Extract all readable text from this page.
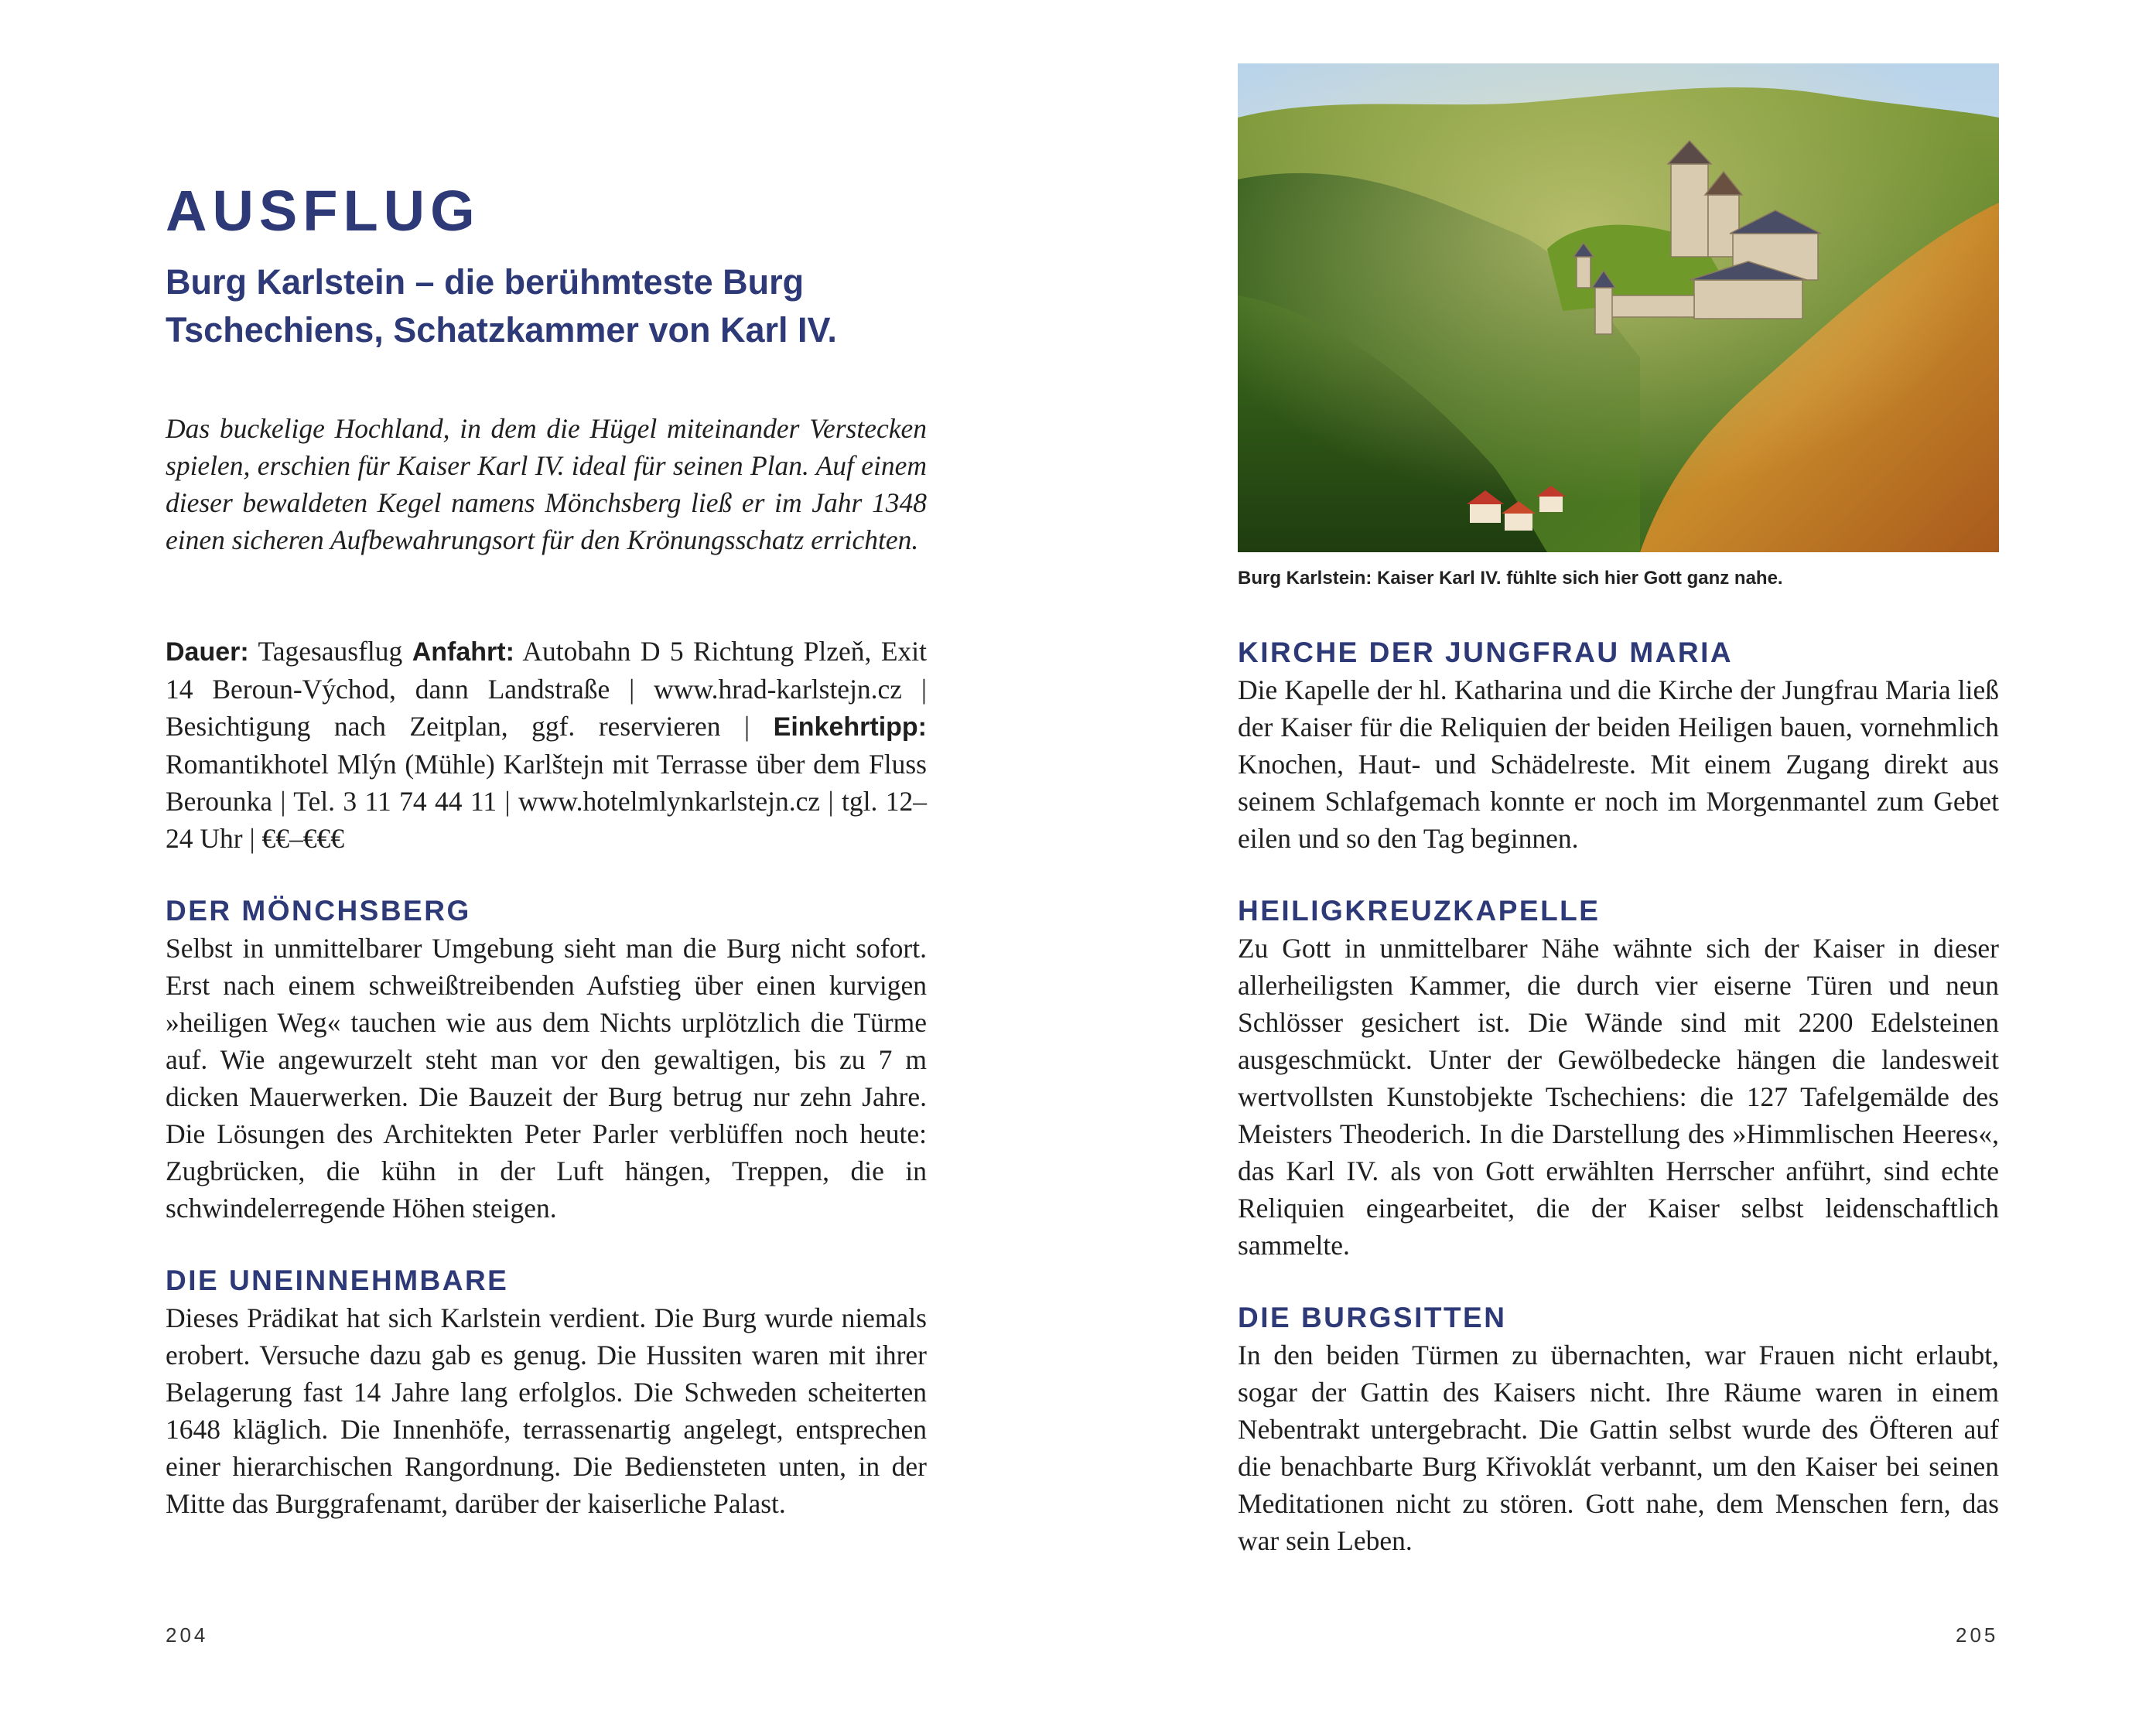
AUSFLUG
Burg Karlstein – die berühmteste Burg Tschechiens, Schatzkammer von Karl IV.

Das buckelige Hochland, in dem die Hügel miteinander Verstecken spielen, erschien für Kaiser Karl IV. ideal für seinen Plan. Auf einem dieser bewaldeten Kegel namens Mönchsberg ließ er im Jahr 1348 einen sicheren Aufbewahrungsort für den Krönungsschatz errichten.

Dauer: Tagesausflug Anfahrt: Autobahn D 5 Richtung Plzeň, Exit 14 Beroun-Východ, dann Landstraße | www.hrad-karlstejn.cz | Besichtigung nach Zeitplan, ggf. reservieren | Einkehrtipp: Romantikhotel Mlýn (Mühle) Karlštejn mit Terrasse über dem Fluss Berounka | Tel. 3 11 74 44 11 | www.hotelmlynkarlstejn.cz | tgl. 12–24 Uhr | €€–€€€

DER MÖNCHSBERG

Selbst in unmittelbarer Umgebung sieht man die Burg nicht sofort. Erst nach einem schweißtreibenden Aufstieg über einen kurvigen »heiligen Weg« tauchen wie aus dem Nichts urplötzlich die Türme auf. Wie angewurzelt steht man vor den gewaltigen, bis zu 7 m dicken Mauerwerken. Die Bauzeit der Burg betrug nur zehn Jahre. Die Lösungen des Architekten Peter Parler verblüffen noch heute: Zugbrücken, die kühn in der Luft hängen, Treppen, die in schwindelerregende Höhen steigen.

DIE UNEINNEHMBARE

Dieses Prädikat hat sich Karlstein verdient. Die Burg wurde niemals erobert. Versuche dazu gab es genug. Die Hussiten waren mit ihrer Belagerung fast 14 Jahre lang erfolglos. Die Schweden scheiterten 1648 kläglich. Die Innenhöfe, terrassenartig angelegt, entsprechen einer hierarchischen Rangordnung. Die Bediensteten unten, in der Mitte das Burggrafenamt, darüber der kaiserliche Palast.

204

Burg Karlstein: Kaiser Karl IV. fühlte sich hier Gott ganz nahe.

KIRCHE DER JUNGFRAU MARIA

Die Kapelle der hl. Katharina und die Kirche der Jungfrau Maria ließ der Kaiser für die Reliquien der beiden Heiligen bauen, vornehmlich Knochen, Haut- und Schädelreste. Mit einem Zugang direkt aus seinem Schlafgemach konnte er noch im Morgenmantel zum Gebet eilen und so den Tag beginnen.

HEILIGKREUZKAPELLE

Zu Gott in unmittelbarer Nähe wähnte sich der Kaiser in dieser allerheiligsten Kammer, die durch vier eiserne Türen und neun Schlösser gesichert ist. Die Wände sind mit 2200 Edelsteinen ausgeschmückt. Unter der Gewölbedecke hängen die landesweit wertvollsten Kunstobjekte Tschechiens: die 127 Tafelgemälde des Meisters Theoderich. In die Darstellung des »Himmlischen Heeres«, das Karl IV. als von Gott erwählten Herrscher anführt, sind echte Reliquien eingearbeitet, die der Kaiser selbst leidenschaftlich sammelte.

DIE BURGSITTEN

In den beiden Türmen zu übernachten, war Frauen nicht erlaubt, sogar der Gattin des Kaisers nicht. Ihre Räume waren in einem Nebentrakt untergebracht. Die Gattin selbst wurde des Öfteren auf die benachbarte Burg Křivoklát verbannt, um den Kaiser bei seinen Meditationen nicht zu stören. Gott nahe, dem Menschen fern, das war sein Leben.

205
